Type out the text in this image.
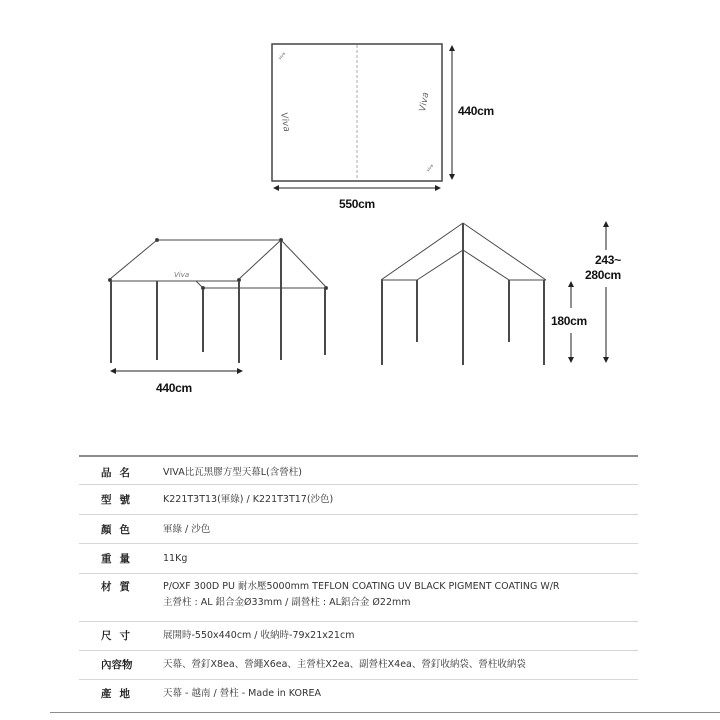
viva
Viva
Viva
viva
Viva
440cm
550cm
440cm
243~
280cm
180cm
品名	VIVA比瓦黑膠方型天幕L(含營柱)
型號	K221T3T13(軍綠) / K221T3T17(沙色)
顏色	軍綠 / 沙色
重量	11Kg
材質	P/OXF 300D PU 耐水壓5000mm TEFLON COATING UV BLACK PIGMENT COATING W/R
主營柱 : AL 鋁合金Ø33mm / 副營柱 : AL鋁合金 Ø22mm
尺寸	展開時-550x440cm / 收納時-79x21x21cm
內容物	天幕、營釘X8ea、營繩X6ea、主營柱X2ea、副營柱X4ea、營釘收納袋、營柱收納袋
產地	天幕 - 越南 / 營柱 - Made in KOREA
